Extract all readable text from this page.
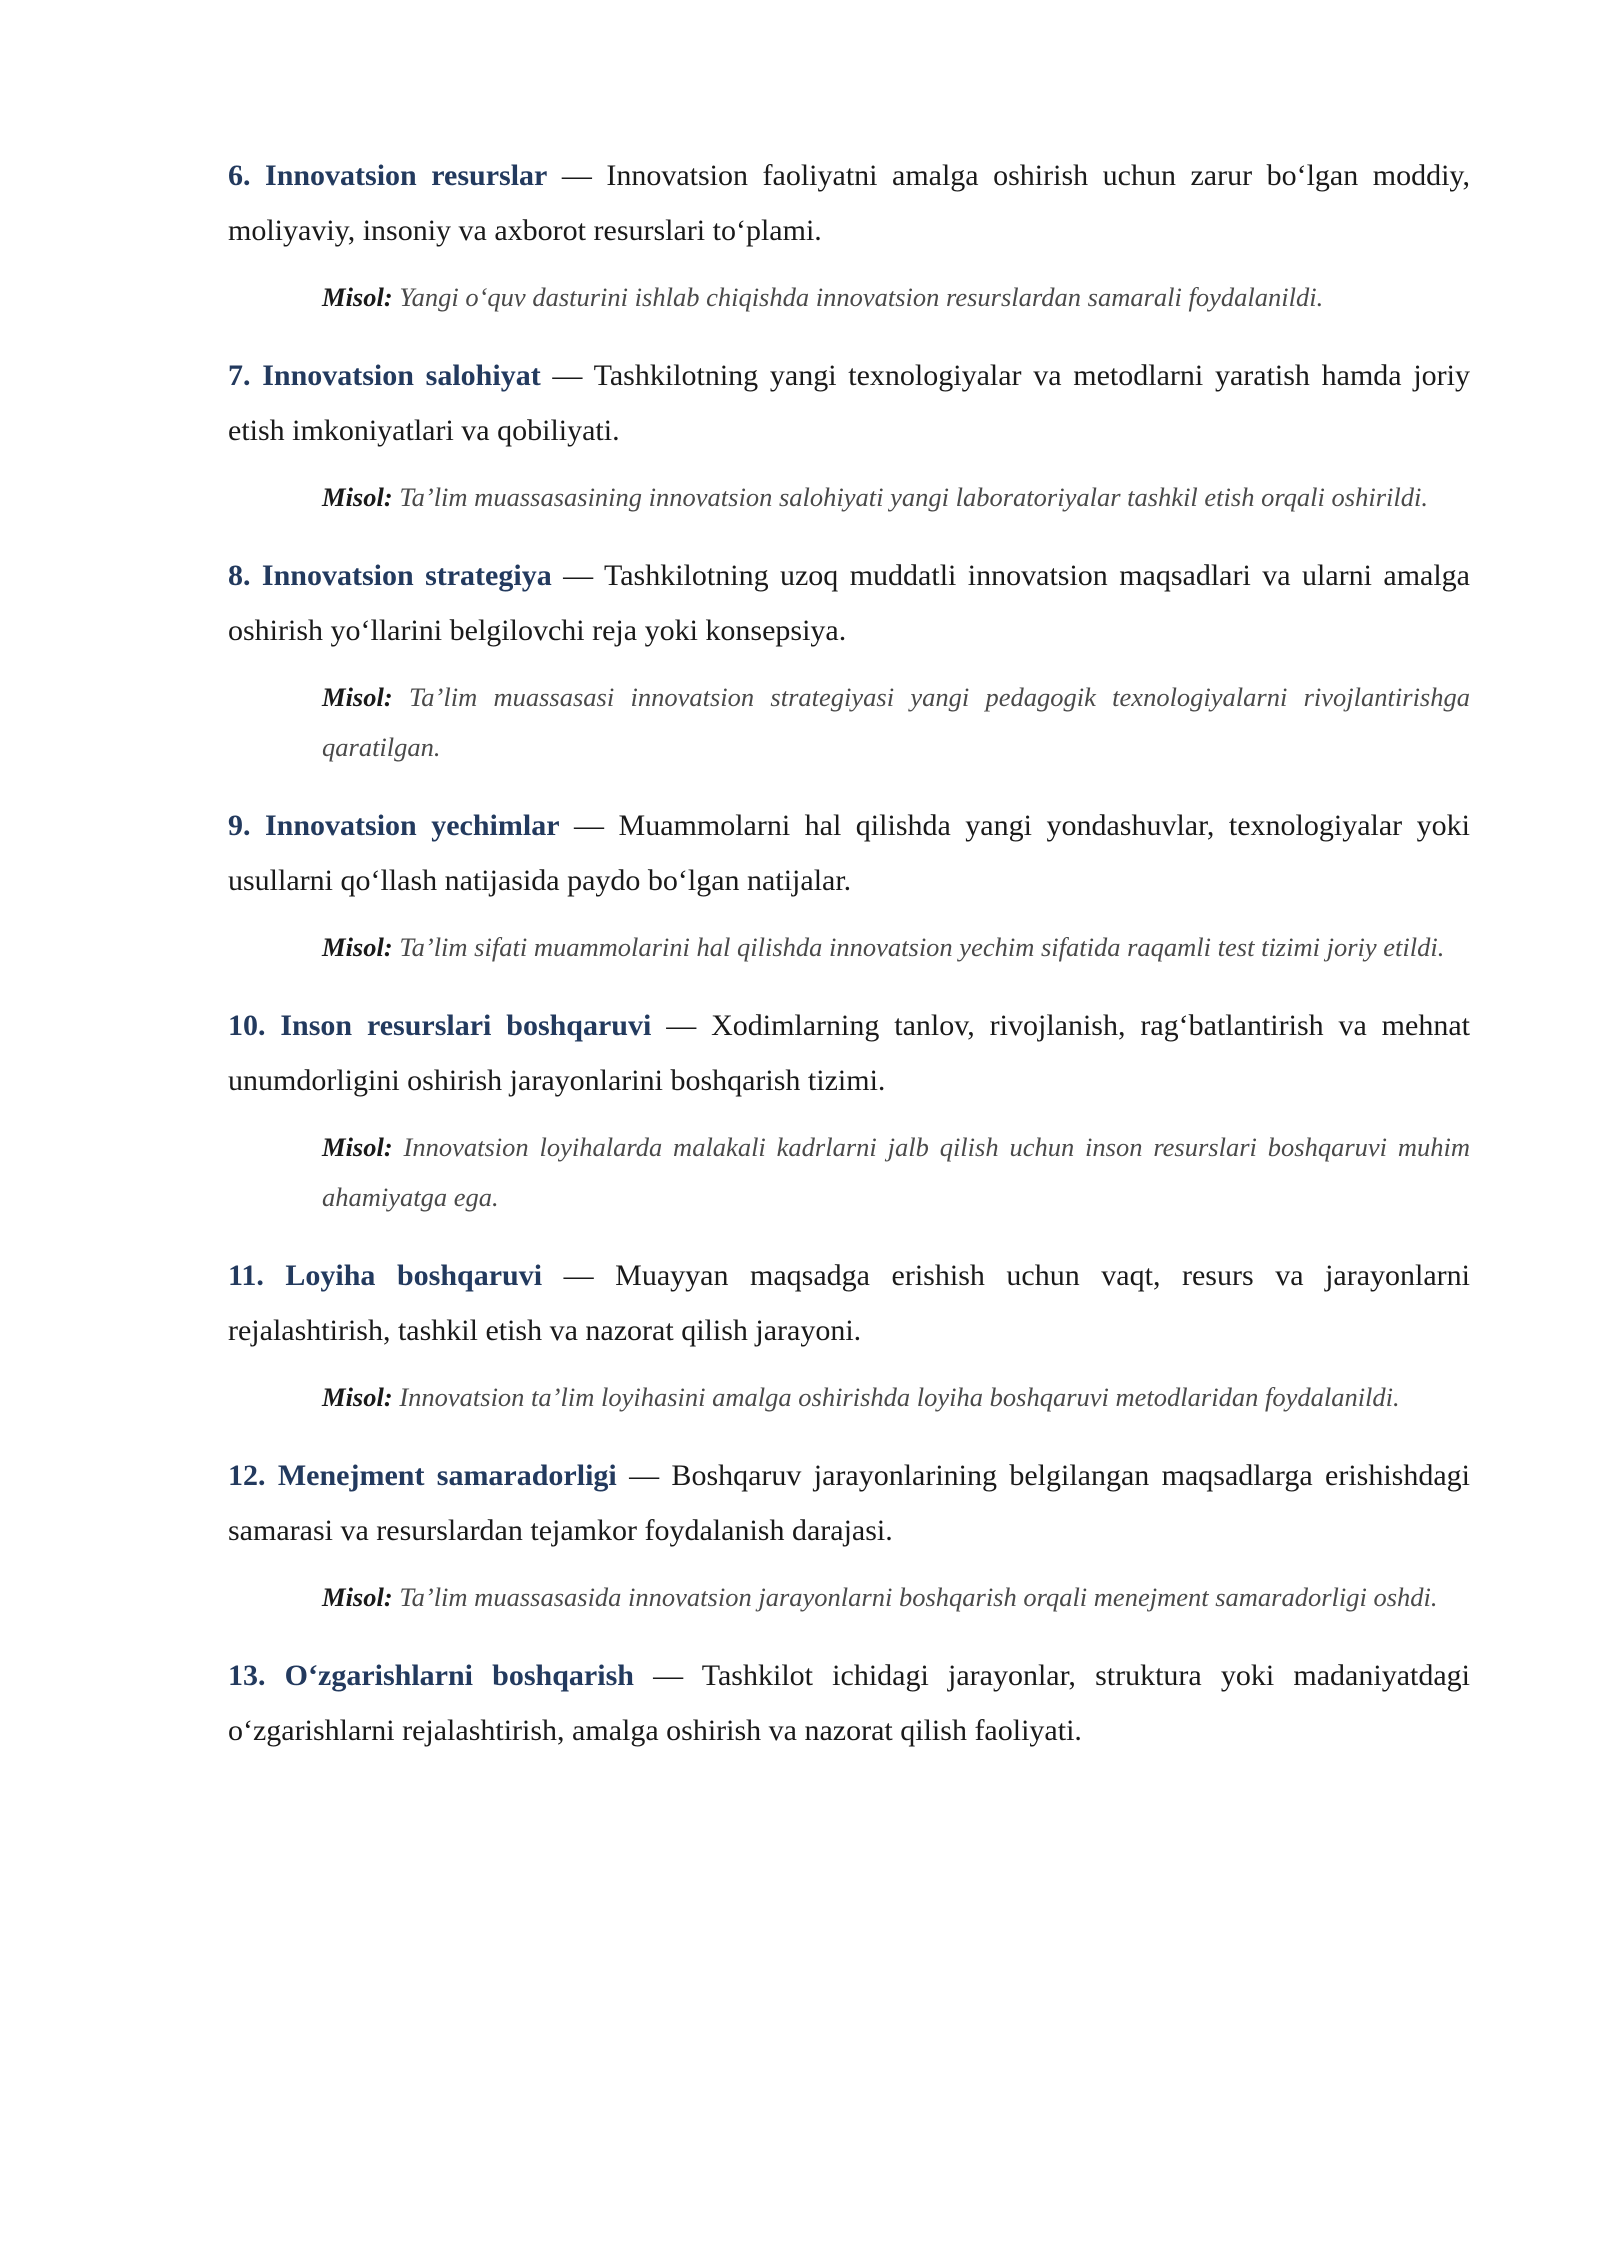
6. Innovatsion resurslar — Innovatsion faoliyatni amalga oshirish uchun zarur boʻlgan moddiy, moliyaviy, insoniy va axborot resurslari toʻplami.

Misol: Yangi oʻquv dasturini ishlab chiqishda innovatsion resurslardan samarali foydalanildi.

7. Innovatsion salohiyat — Tashkilotning yangi texnologiyalar va metodlarni yaratish hamda joriy etish imkoniyatlari va qobiliyati.

Misol: Ta’lim muassasasining innovatsion salohiyati yangi laboratoriyalar tashkil etish orqali oshirildi.

8. Innovatsion strategiya — Tashkilotning uzoq muddatli innovatsion maqsadlari va ularni amalga oshirish yoʻllarini belgilovchi reja yoki konsepsiya.

Misol: Ta’lim muassasasi innovatsion strategiyasi yangi pedagogik texnologiyalarni rivojlantirishga qaratilgan.

9. Innovatsion yechimlar — Muammolarni hal qilishda yangi yondashuvlar, texnologiyalar yoki usullarni qoʻllash natijasida paydo boʻlgan natijalar.

Misol: Ta’lim sifati muammolarini hal qilishda innovatsion yechim sifatida raqamli test tizimi joriy etildi.

10. Inson resurslari boshqaruvi — Xodimlarning tanlov, rivojlanish, ragʻbatlantirish va mehnat unumdorligini oshirish jarayonlarini boshqarish tizimi.

Misol: Innovatsion loyihalarda malakali kadrlarni jalb qilish uchun inson resurslari boshqaruvi muhim ahamiyatga ega.

11. Loyiha boshqaruvi — Muayyan maqsadga erishish uchun vaqt, resurs va jarayonlarni rejalashtirish, tashkil etish va nazorat qilish jarayoni.

Misol: Innovatsion ta’lim loyihasini amalga oshirishda loyiha boshqaruvi metodlaridan foydalanildi.

12. Menejment samaradorligi — Boshqaruv jarayonlarining belgilangan maqsadlarga erishishdagi samarasi va resurslardan tejamkor foydalanish darajasi.

Misol: Ta’lim muassasasida innovatsion jarayonlarni boshqarish orqali menejment samaradorligi oshdi.

13. Oʻzgarishlarni boshqarish — Tashkilot ichidagi jarayonlar, struktura yoki madaniyatdagi oʻzgarishlarni rejalashtirish, amalga oshirish va nazorat qilish faoliyati.
